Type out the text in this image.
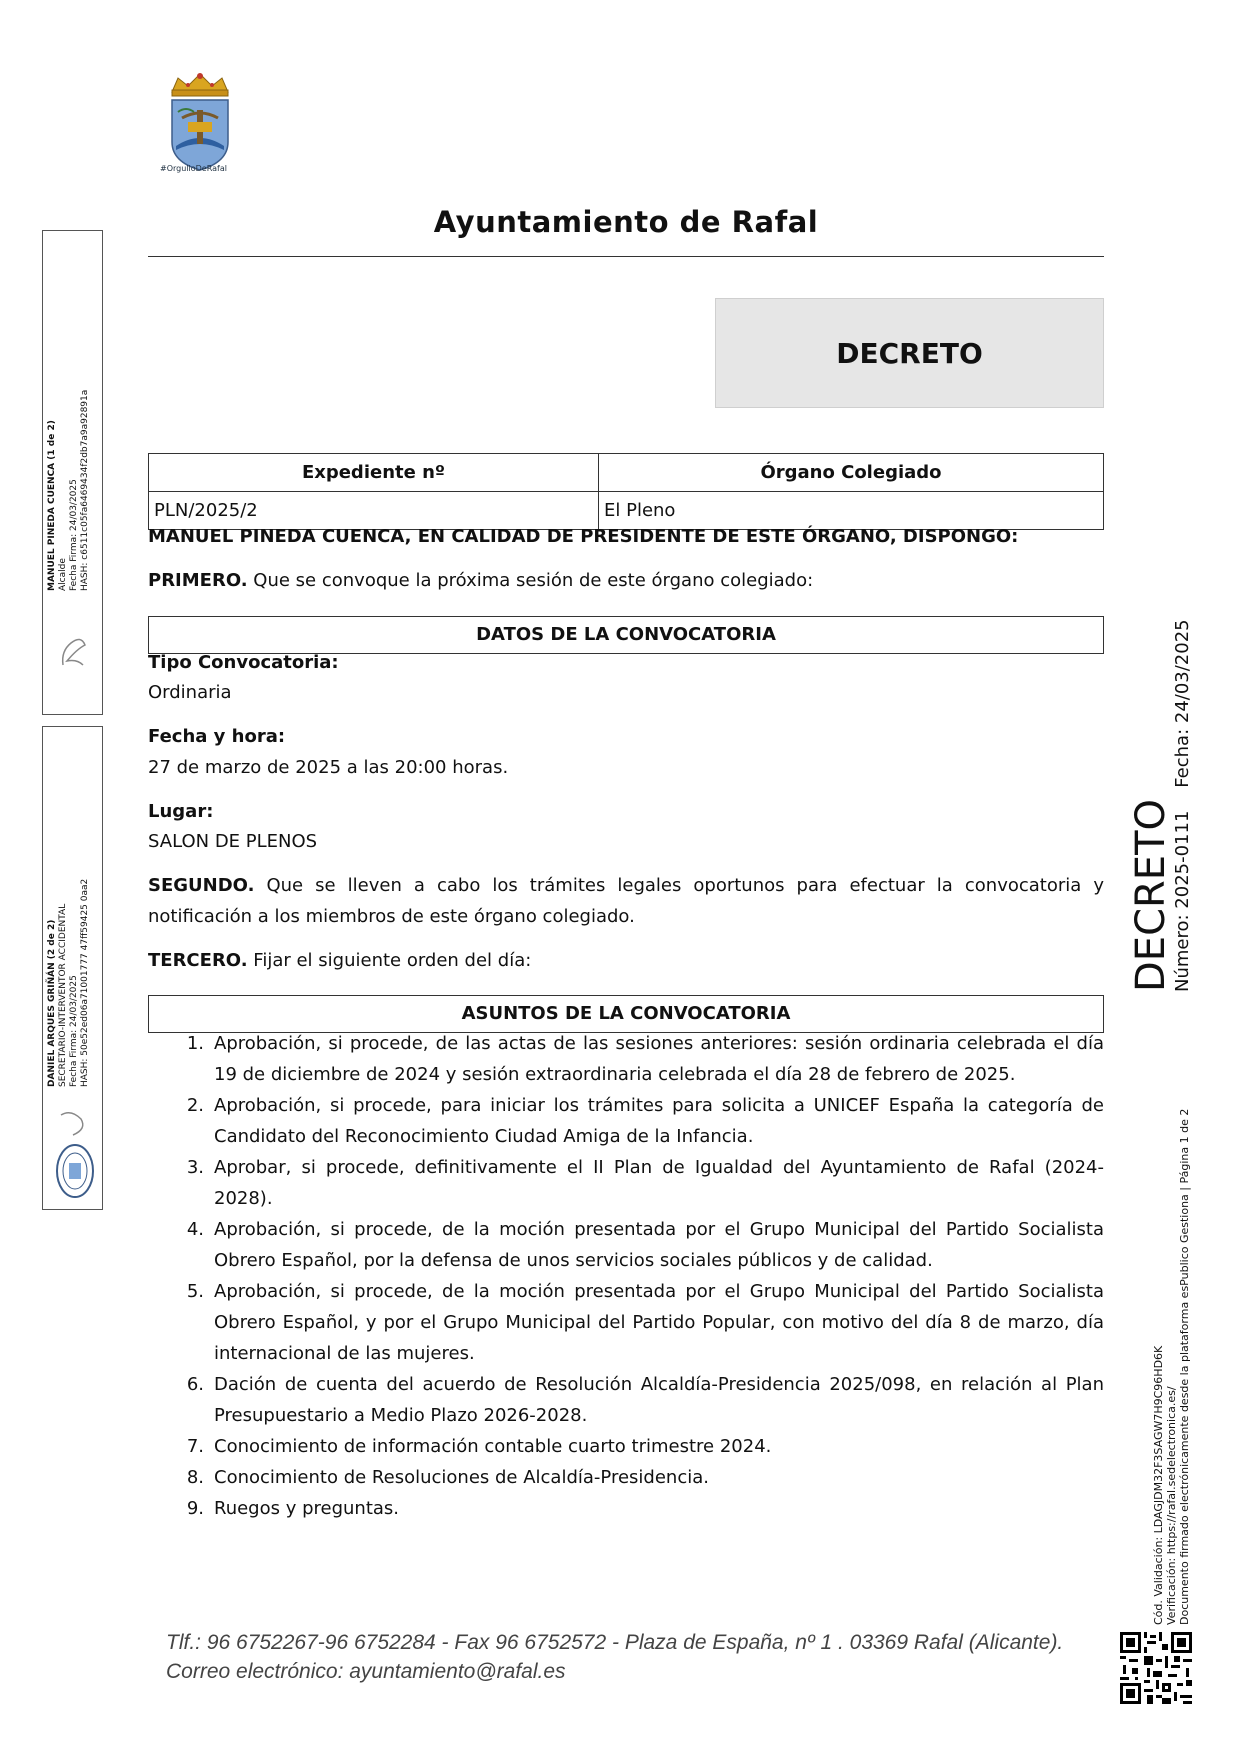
#OrgulloDeRafal
Ayuntamiento de Rafal
DECRETO
Expediente nº	Órgano Colegiado
PLN/2025/2	El Pleno
MANUEL PINEDA CUENCA, EN CALIDAD DE PRESIDENTE DE ESTE ÓRGANO, DISPONGO:
PRIMERO. Que se convoque la próxima sesión de este órgano colegiado:
DATOS DE LA CONVOCATORIA
Tipo Convocatoria:
Ordinaria
Fecha y hora:
27 de marzo de 2025 a las 20:00 horas.
Lugar:
SALON DE PLENOS
SEGUNDO. Que se lleven a cabo los trámites legales oportunos para efectuar la convocatoria y notificación a los miembros de este órgano colegiado.
TERCERO. Fijar el siguiente orden del día:
ASUNTOS DE LA CONVOCATORIA
1. Aprobación, si procede, de las actas de las sesiones anteriores: sesión ordinaria celebrada el día 19 de diciembre de 2024 y sesión extraordinaria celebrada el día 28 de febrero de 2025.
2. Aprobación, si procede, para iniciar los trámites para solicita a UNICEF España la categoría de Candidato del Reconocimiento Ciudad Amiga de la Infancia.
3. Aprobar, si procede, definitivamente el II Plan de Igualdad del Ayuntamiento de Rafal (2024-2028).
4. Aprobación, si procede, de la moción presentada por el Grupo Municipal del Partido Socialista Obrero Español, por la defensa de unos servicios sociales públicos y de calidad.
5. Aprobación, si procede, de la moción presentada por el Grupo Municipal del Partido Socialista Obrero Español, y por el Grupo Municipal del Partido Popular, con motivo del día 8 de marzo, día internacional de las mujeres.
6. Dación de cuenta del acuerdo de Resolución Alcaldía-Presidencia 2025/098, en relación al Plan Presupuestario a Medio Plazo 2026-2028.
7. Conocimiento de información contable cuarto trimestre 2024.
8. Conocimiento de Resoluciones de Alcaldía-Presidencia.
9. Ruegos y preguntas.
MANUEL PINEDA CUENCA (1 de 2) Alcalde Fecha Firma: 24/03/2025 HASH: c6511c05fa6469434f2db7a9a92891a
DANIEL ARQUES GRIÑÁN (2 de 2) SECRETARIO-INTERVENTOR ACCIDENTAL Fecha Firma: 24/03/2025 HASH: 50e52ed06a71001777 47ff59425 0aa2	DECRETO
Número: 2025-0111    Fecha: 24/03/2025
Cód. Validación: LDAGJDM32F3SAGW7H9C96HD6K Verificación: https://rafal.sedelectronica.es/ Documento firmado electrónicamente desde la plataforma esPublico Gestiona | Página 1 de 2
Tlf.: 96 6752267-96 6752284 - Fax 96 6752572 - Plaza de España, nº 1 . 03369 Rafal (Alicante).
Correo electrónico: ayuntamiento@rafal.es
